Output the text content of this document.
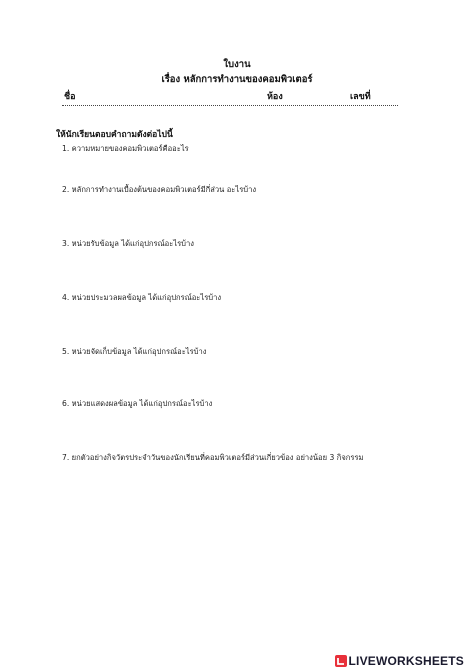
ใบงาน
เรื่อง หลักการทำงานของคอมพิวเตอร์
ชื่อ	ห้อง	เลขที่
ให้นักเรียนตอบคำถามดังต่อไปนี้
1. ความหมายของคอมพิวเตอร์คืออะไร
2. หลักการทำงานเบื้องต้นของคอมพิวเตอร์มีกี่ส่วน อะไรบ้าง
3. หน่วยรับข้อมูล ได้แก่อุปกรณ์อะไรบ้าง
4. หน่วยประมวลผลข้อมูล ได้แก่อุปกรณ์อะไรบ้าง
5. หน่วยจัดเก็บข้อมูล ได้แก่อุปกรณ์อะไรบ้าง
6. หน่วยแสดงผลข้อมูล ได้แก่อุปกรณ์อะไรบ้าง
7. ยกตัวอย่างกิจวัตรประจำวันของนักเรียนที่คอมพิวเตอร์มีส่วนเกี่ยวข้อง อย่างน้อย 3 กิจกรรม
LIVEWORKSHEETS
